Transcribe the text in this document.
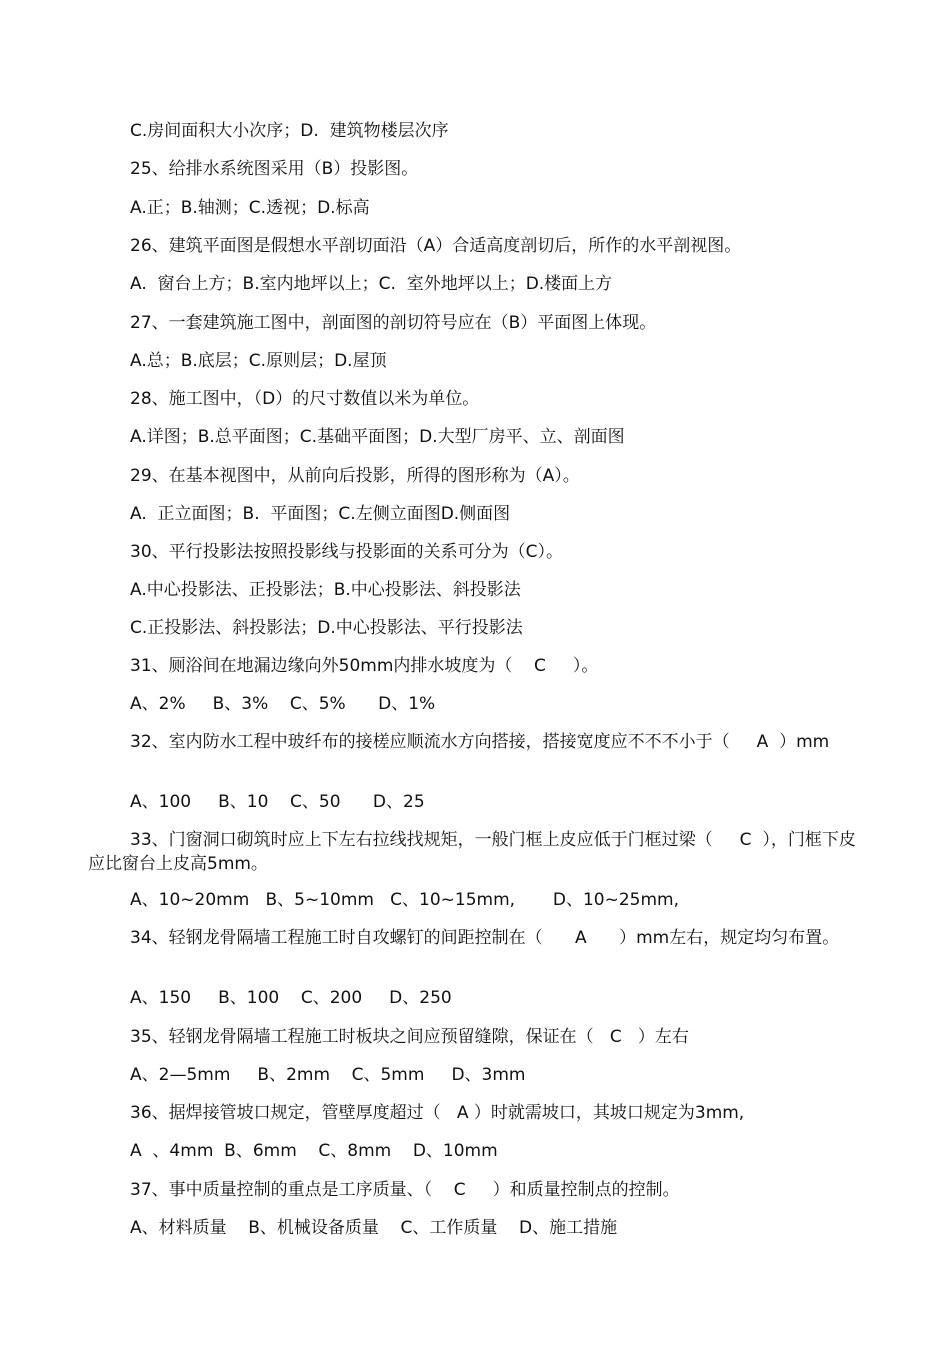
C.房间面积大小次序；D.  建筑物楼层次序
25、给排水系统图采用（B）投影图。
A.正；B.轴测；C.透视；D.标高
26、建筑平面图是假想水平剖切面沿（A）合适高度剖切后，所作的水平剖视图。
A.  窗台上方；B.室内地坪以上；C.  室外地坪以上；D.楼面上方
27、一套建筑施工图中，剖面图的剖切符号应在（B）平面图上体现。
A.总；B.底层；C.原则层；D.屋顶
28、施工图中，（D）的尺寸数值以米为单位。
A.详图；B.总平面图；C.基础平面图；D.大型厂房平、立、剖面图
29、在基本视图中，从前向后投影，所得的图形称为（A）。
A.  正立面图；B.  平面图；C.左侧立面图D.侧面图
30、平行投影法按照投影线与投影面的关系可分为（C）。
A.中心投影法、正投影法；B.中心投影法、斜投影法
C.正投影法、斜投影法；D.中心投影法、平行投影法
31、厕浴间在地漏边缘向外50mm内排水坡度为（    C     ）。
A、2%     B、3%    C、5%      D、1%
32、室内防水工程中玻纤布的接槎应顺流水方向搭接，搭接宽度应不不不小于（     A  ）mm
A、100     B、10    C、50      D、25
33、门窗洞口砌筑时应上下左右拉线找规矩，一般门框上皮应低于门框过梁（     C  ），门框下皮应比窗台上皮高5mm。
A、10~20mm   B、5~10mm   C、10~15mm,       D、10~25mm,
34、轻钢龙骨隔墙工程施工时自攻螺钉的间距控制在（      A      ）mm左右，规定均匀布置。
A、150     B、100    C、200     D、250
35、轻钢龙骨隔墙工程施工时板块之间应预留缝隙，保证在（   C   ）左右
A、2—5mm     B、2mm    C、5mm     D、3mm
36、据焊接管坡口规定，管壁厚度超过（   A ）时就需坡口，其坡口规定为3mm,
A  、4mm  B、6mm    C、8mm    D、10mm
37、事中质量控制的重点是工序质量、（    C     ）和质量控制点的控制。
A、材料质量    B、机械设备质量    C、工作质量    D、施工措施
